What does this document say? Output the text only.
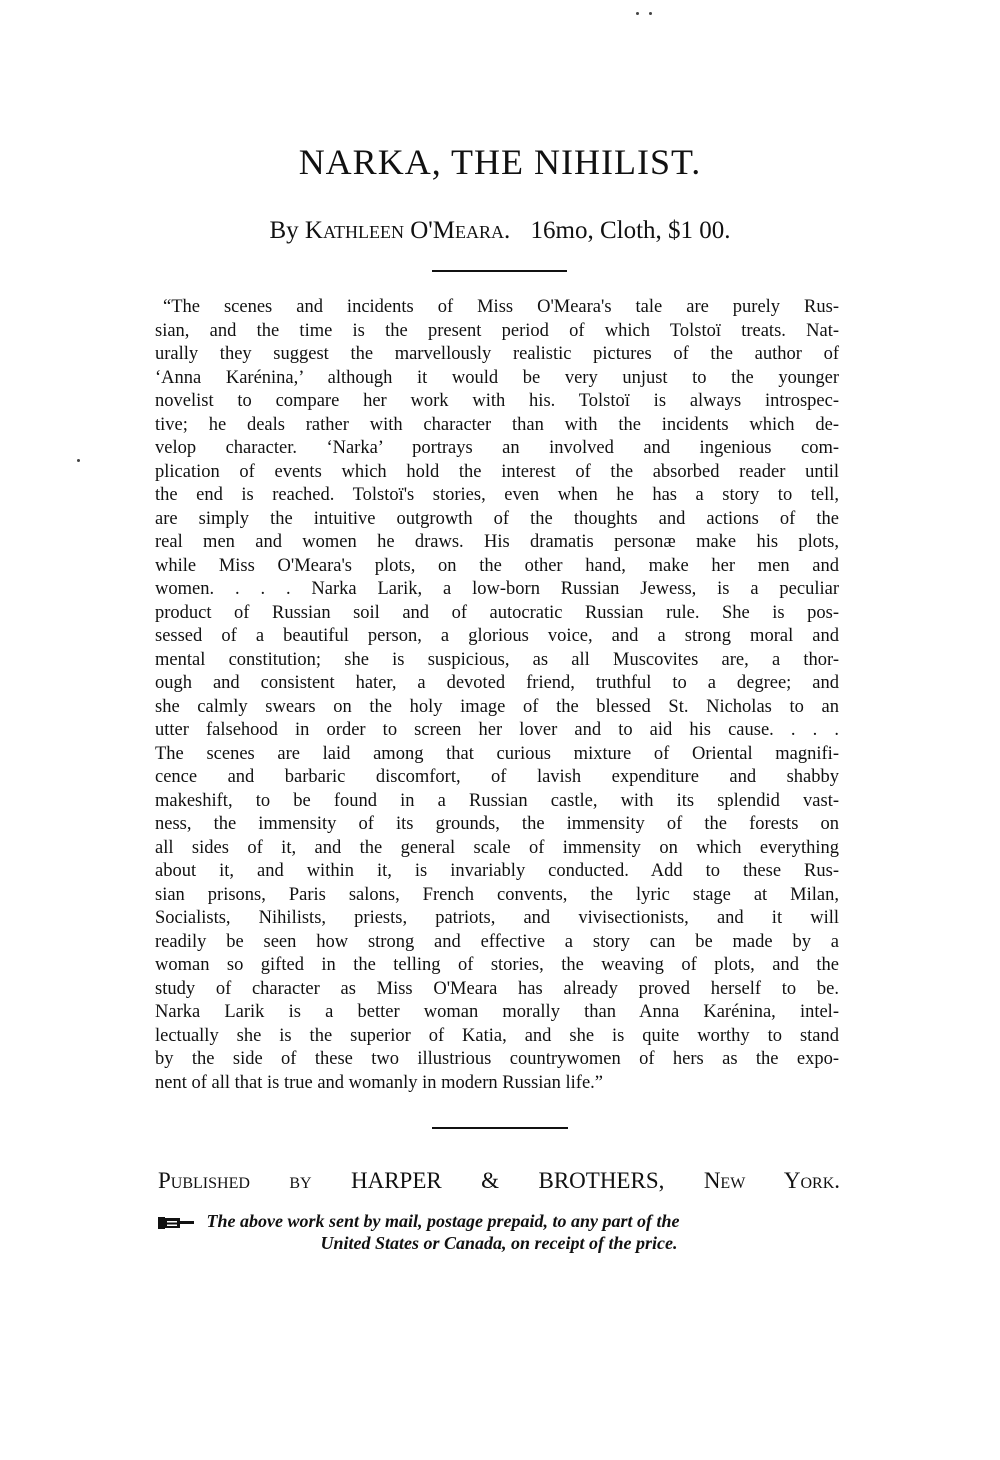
NARKA, THE NIHILIST.
By Kathleen O'Meara. 16mo, Cloth, $1 00.
“The scenes and incidents of Miss O'Meara's tale are purely Rus-
sian, and the time is the present period of which Tolstoï treats. Nat-
urally they suggest the marvellously realistic pictures of the author of
‘Anna Karénina,’ although it would be very unjust to the younger
novelist to compare her work with his. Tolstoï is always introspec-
tive; he deals rather with character than with the incidents which de-
velop character. ‘Narka’ portrays an involved and ingenious com-
plication of events which hold the interest of the absorbed reader until
the end is reached. Tolstoï's stories, even when he has a story to tell,
are simply the intuitive outgrowth of the thoughts and actions of the
real men and women he draws. His dramatis personæ make his plots,
while Miss O'Meara's plots, on the other hand, make her men and
women. . . . Narka Larik, a low-born Russian Jewess, is a peculiar
product of Russian soil and of autocratic Russian rule. She is pos-
sessed of a beautiful person, a glorious voice, and a strong moral and
mental constitution; she is suspicious, as all Muscovites are, a thor-
ough and consistent hater, a devoted friend, truthful to a degree; and
she calmly swears on the holy image of the blessed St. Nicholas to an
utter falsehood in order to screen her lover and to aid his cause. . . .
The scenes are laid among that curious mixture of Oriental magnifi-
cence and barbaric discomfort, of lavish expenditure and shabby
makeshift, to be found in a Russian castle, with its splendid vast-
ness, the immensity of its grounds, the immensity of the forests on
all sides of it, and the general scale of immensity on which everything
about it, and within it, is invariably conducted. Add to these Rus-
sian prisons, Paris salons, French convents, the lyric stage at Milan,
Socialists, Nihilists, priests, patriots, and vivisectionists, and it will
readily be seen how strong and effective a story can be made by a
woman so gifted in the telling of stories, the weaving of plots, and the
study of character as Miss O'Meara has already proved herself to be.
Narka Larik is a better woman morally than Anna Karénina, intel-
lectually she is the superior of Katia, and she is quite worthy to stand
by the side of these two illustrious countrywomen of hers as the expo-
nent of all that is true and womanly in modern Russian life.”
Published by HARPER & BROTHERS, New York.
The above work sent by mail, postage prepaid, to any part of the
United States or Canada, on receipt of the price.
